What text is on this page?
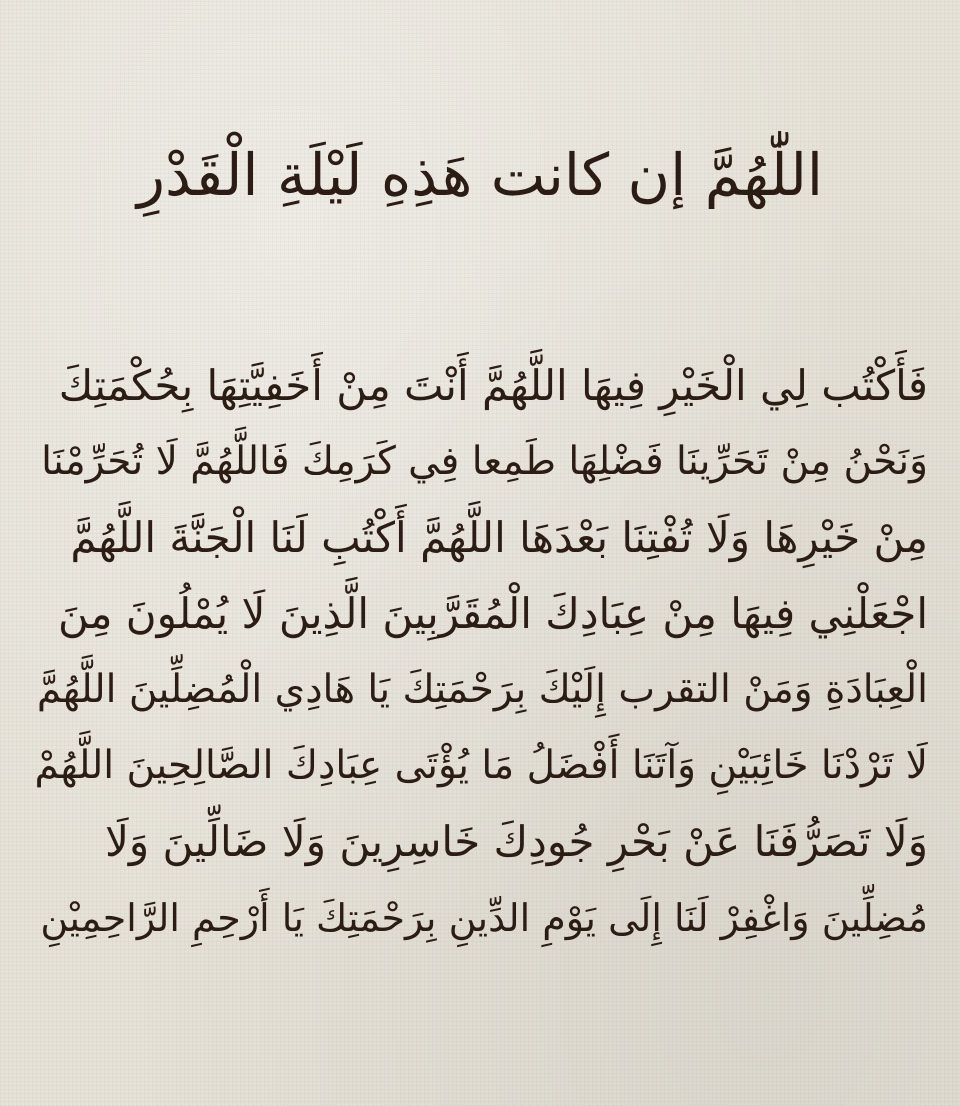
اللّٰهُمَّ إن كانت هَذِهِ لَيْلَةِ الْقَدْرِ
فَأَكْتُب لِي الْخَيْرِ فِيهَا اللَّهُمَّ أَنْتَ مِنْ أَخَفِيَّتِهَا بِحُكْمَتِكَ
وَنَحْنُ مِنْ تَحَرِّينَا فَضْلِهَا طَمِعا فِي كَرَمِكَ فَاللَّهُمَّ لَا تُحَرِّمْنَا
مِنْ خَيْرِهَا وَلَا تُفْتِنَا بَعْدَهَا اللَّهُمَّ أَكْتُبِ لَنَا الْجَنَّةَ اللَّهُمَّ
اجْعَلْنِي فِيهَا مِنْ عِبَادِكَ الْمُقَرَّبِينَ الَّذِينَ لَا يُمْلُونَ مِنَ
الْعِبَادَةِ وَمَنْ التقرب إِلَيْكَ بِرَحْمَتِكَ يَا هَادِي الْمُضِلِّينَ اللَّهُمَّ
لَا تَرْدْنَا خَائِبَيْنِ وَآتَنَا أَفْضَلُ مَا يُؤْتَى عِبَادِكَ الصَّالِحِينَ اللَّهُمْ
وَلَا تَصَرُّفَنَا عَنْ بَحْرِ جُودِكَ خَاسِرِينَ وَلَا ضَالِّينَ وَلَا
مُضِلِّينَ وَاغْفِرْ لَنَا إِلَى يَوْمِ الدِّينِ بِرَحْمَتِكَ يَا أَرْحِمِ الرَّاحِمِيْنِ
